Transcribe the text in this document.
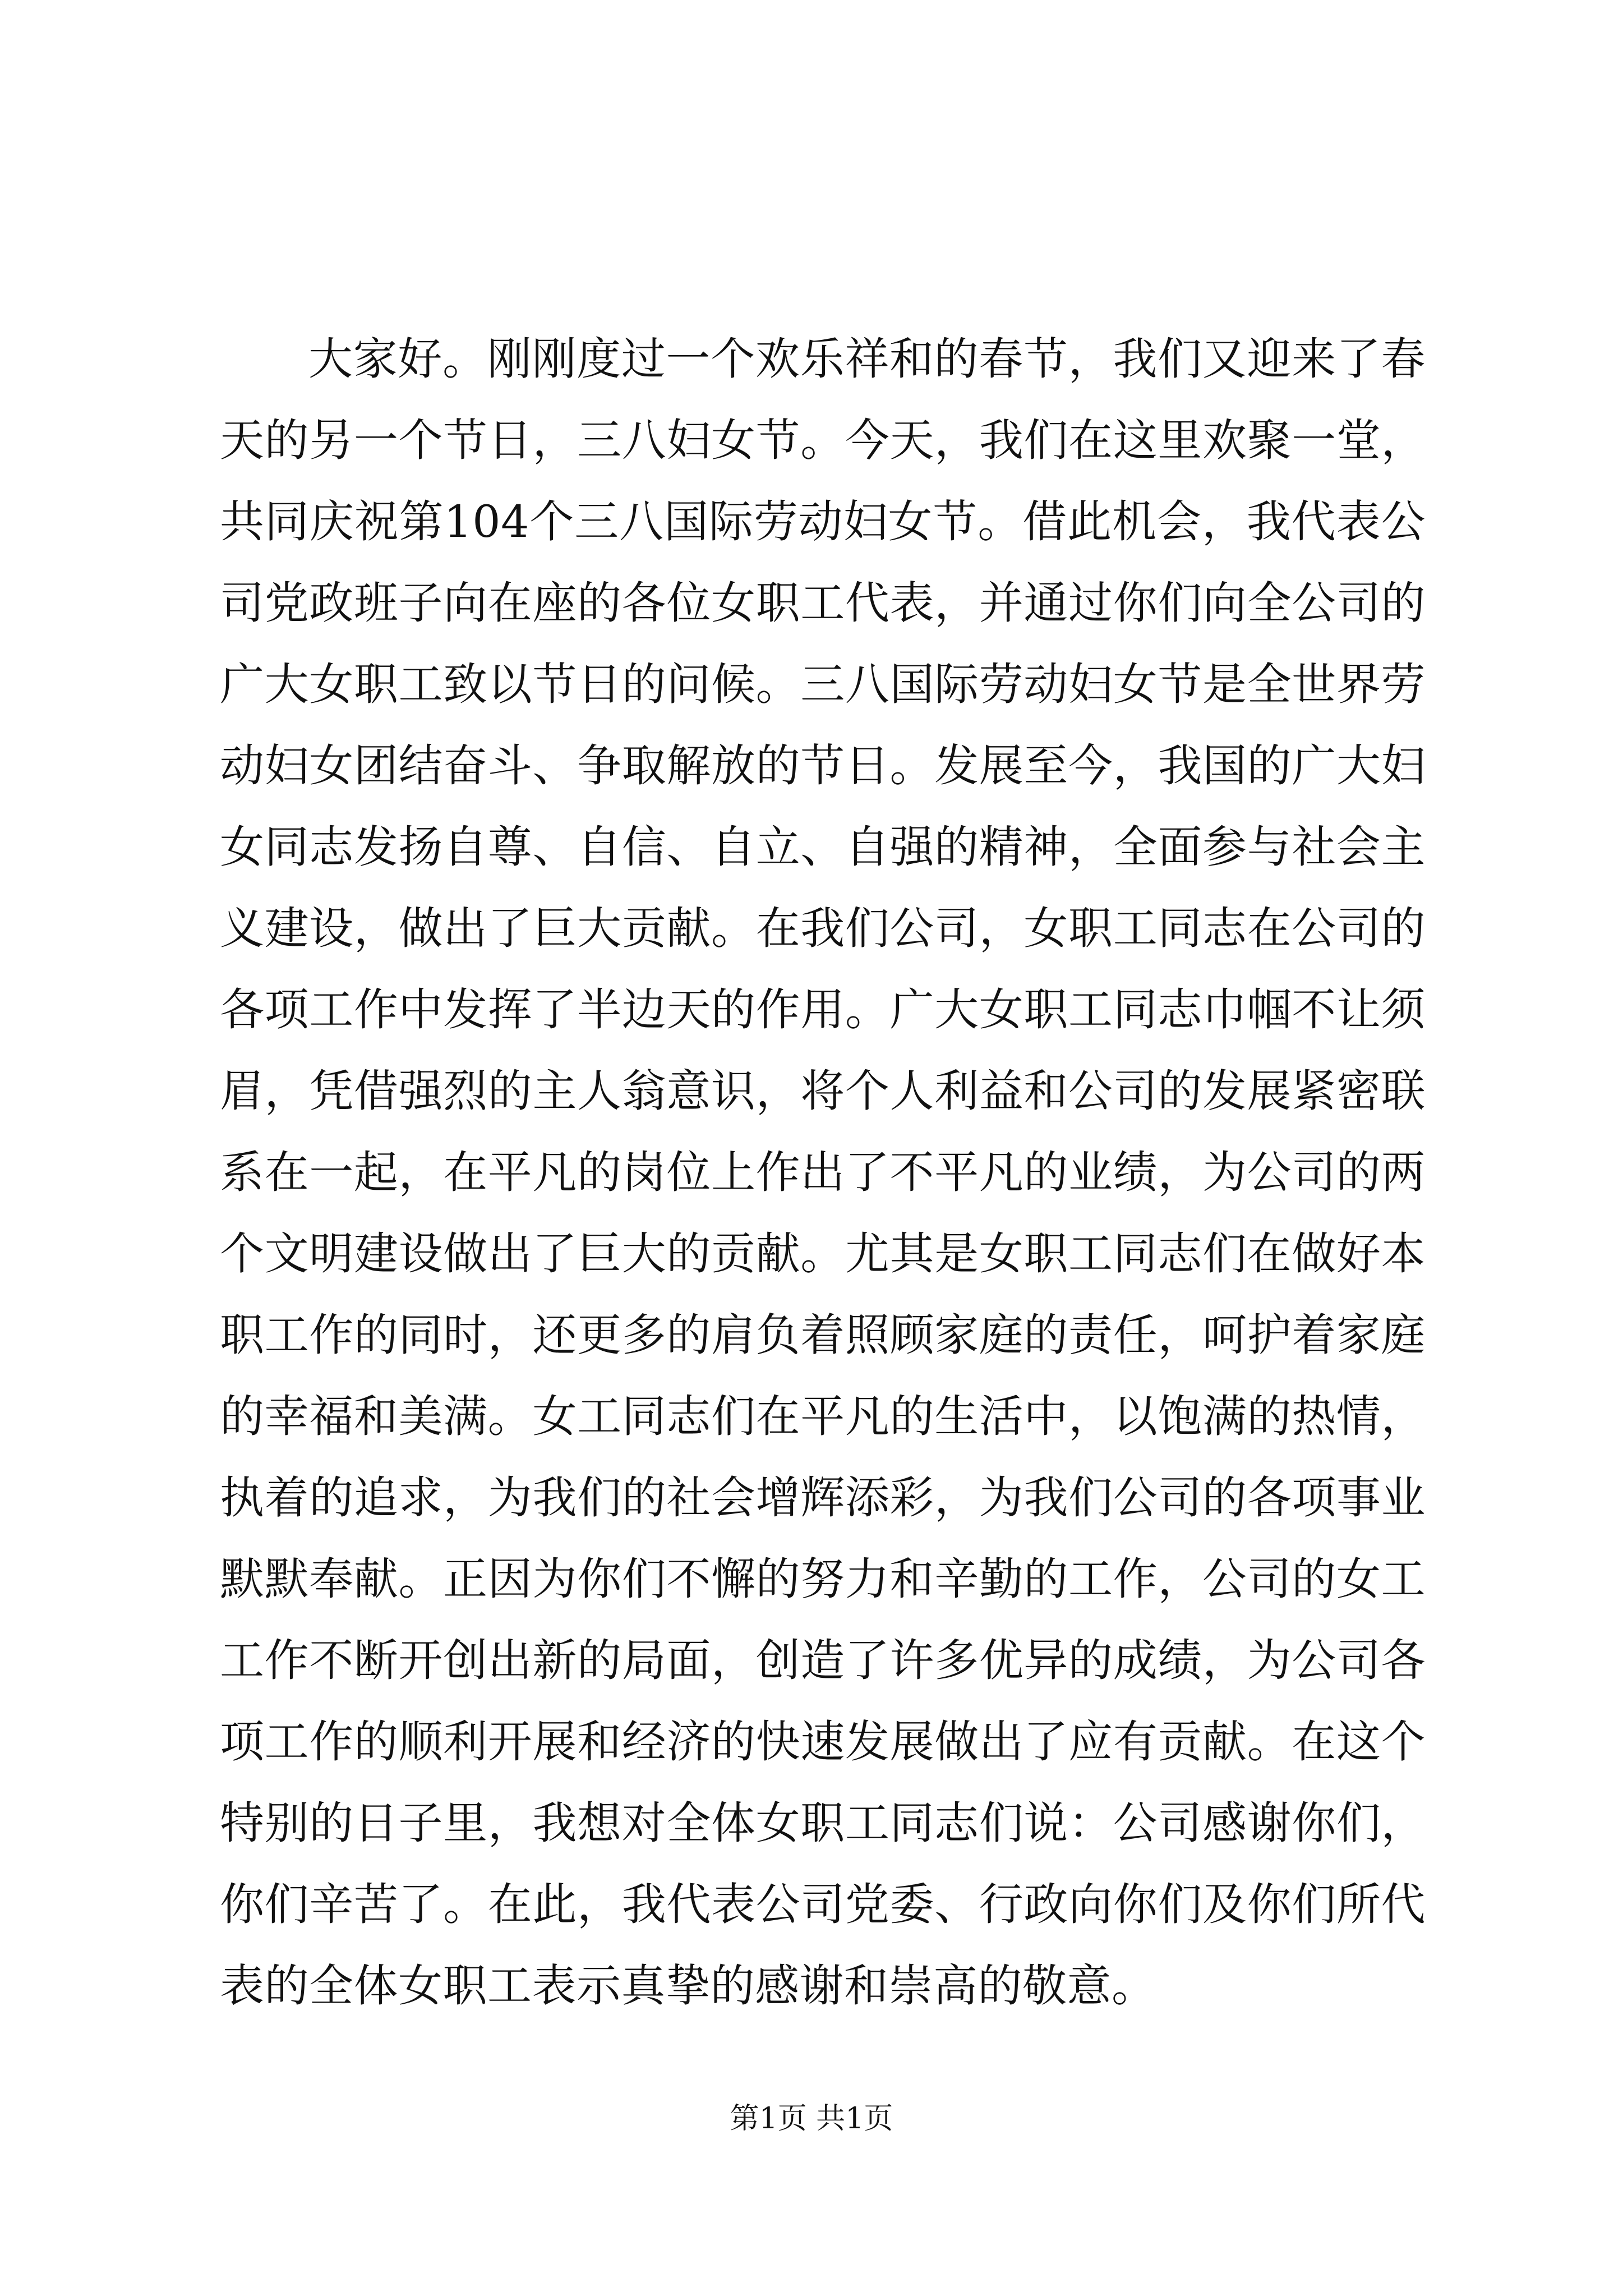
大家好。刚刚度过一个欢乐祥和的春节，我们又迎来了春天的另一个节日，三八妇女节。今天，我们在这里欢聚一堂，共同庆祝第104个三八国际劳动妇女节。借此机会，我代表公司党政班子向在座的各位女职工代表，并通过你们向全公司的广大女职工致以节日的问候。三八国际劳动妇女节是全世界劳动妇女团结奋斗、争取解放的节日。发展至今，我国的广大妇女同志发扬自尊、自信、自立、自强的精神，全面参与社会主义建设，做出了巨大贡献。在我们公司，女职工同志在公司的各项工作中发挥了半边天的作用。广大女职工同志巾帼不让须眉，凭借强烈的主人翁意识，将个人利益和公司的发展紧密联系在一起，在平凡的岗位上作出了不平凡的业绩，为公司的两个文明建设做出了巨大的贡献。尤其是女职工同志们在做好本职工作的同时，还更多的肩负着照顾家庭的责任，呵护着家庭的幸福和美满。女工同志们在平凡的生活中，以饱满的热情，执着的追求，为我们的社会增辉添彩，为我们公司的各项事业默默奉献。正因为你们不懈的努力和辛勤的工作，公司的女工工作不断开创出新的局面，创造了许多优异的成绩，为公司各项工作的顺利开展和经济的快速发展做出了应有贡献。在这个特别的日子里，我想对全体女职工同志们说：公司感谢你们，你们辛苦了。在此，我代表公司党委、行政向你们及你们所代表的全体女职工表示真挚的感谢和崇高的敬意。

第1页 共1页
